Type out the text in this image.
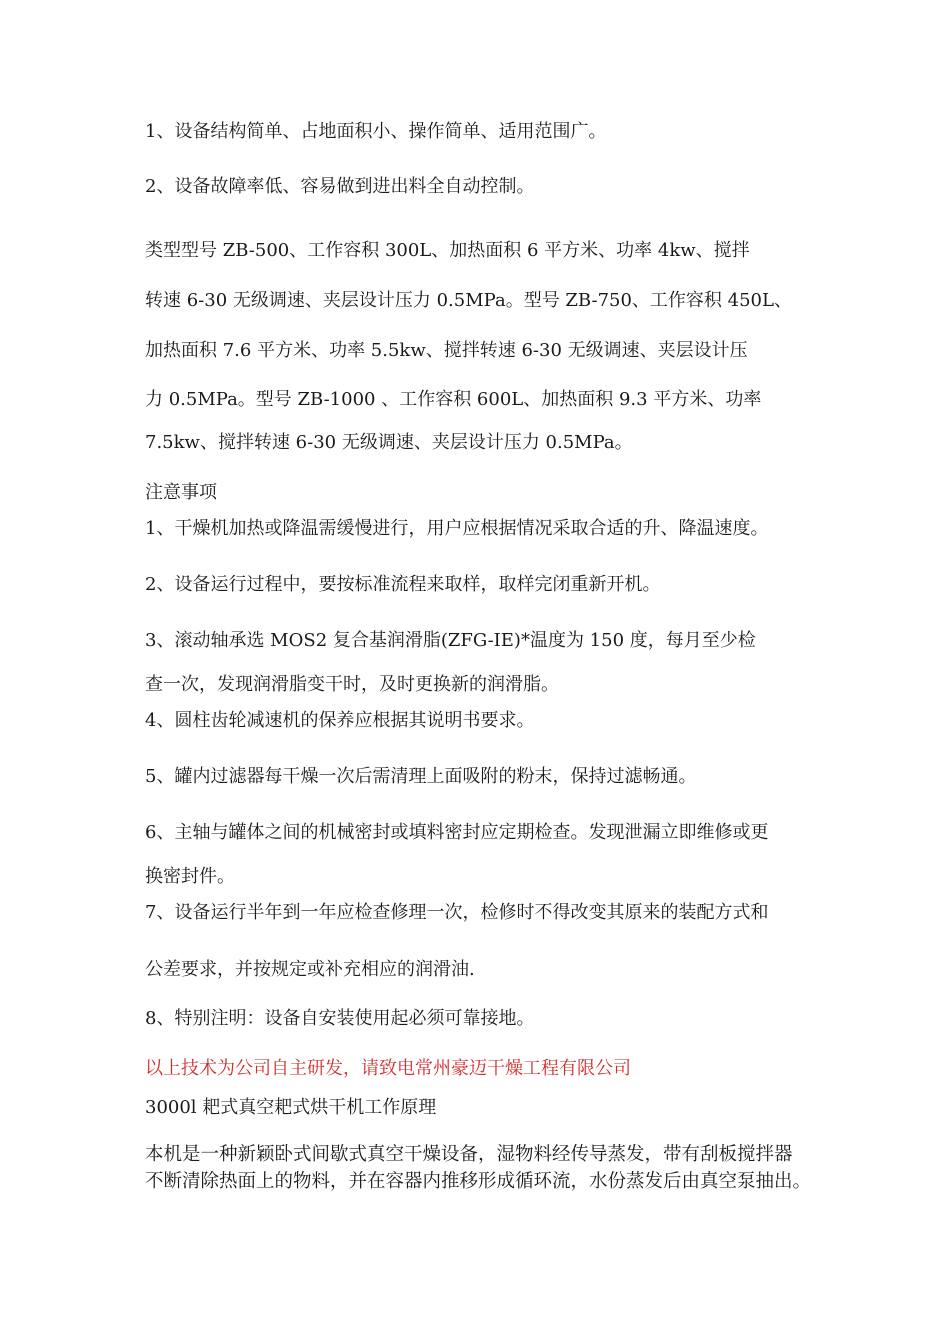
1、设备结构简单、占地面积小、操作简单、适用范围广。
2、设备故障率低、容易做到进出料全自动控制。
类型型号 ZB-500、工作容积 300L、加热面积 6 平方米、功率 4kw、搅拌
转速 6-30 无级调速、夹层设计压力 0.5MPa。型号 ZB-750、工作容积 450L、
加热面积 7.6 平方米、功率 5.5kw、搅拌转速 6-30 无级调速、夹层设计压
力 0.5MPa。型号 ZB-1000 、工作容积 600L、加热面积 9.3 平方米、功率
7.5kw、搅拌转速 6-30 无级调速、夹层设计压力 0.5MPa。
注意事项
1、干燥机加热或降温需缓慢进行，用户应根据情况采取合适的升、降温速度。
2、设备运行过程中，要按标准流程来取样，取样完闭重新开机。
3、滚动轴承选 MOS2 复合基润滑脂(ZFG-IE)*温度为 150 度，每月至少检
查一次，发现润滑脂变干时，及时更换新的润滑脂。
4、圆柱齿轮减速机的保养应根据其说明书要求。
5、罐内过滤器每干燥一次后需清理上面吸附的粉末，保持过滤畅通。
6、主轴与罐体之间的机械密封或填料密封应定期检查。发现泄漏立即维修或更
换密封件。
7、设备运行半年到一年应检查修理一次，检修时不得改变其原来的装配方式和
公差要求，并按规定或补充相应的润滑油.
8、特别注明：设备自安装使用起必须可靠接地。
以上技术为公司自主研发，请致电常州豪迈干燥工程有限公司
3000l 耙式真空耙式烘干机工作原理
本机是一种新颖卧式间歇式真空干燥设备，湿物料经传导蒸发，带有刮板搅拌器
不断清除热面上的物料，并在容器内推移形成循环流，水份蒸发后由真空泵抽出。
